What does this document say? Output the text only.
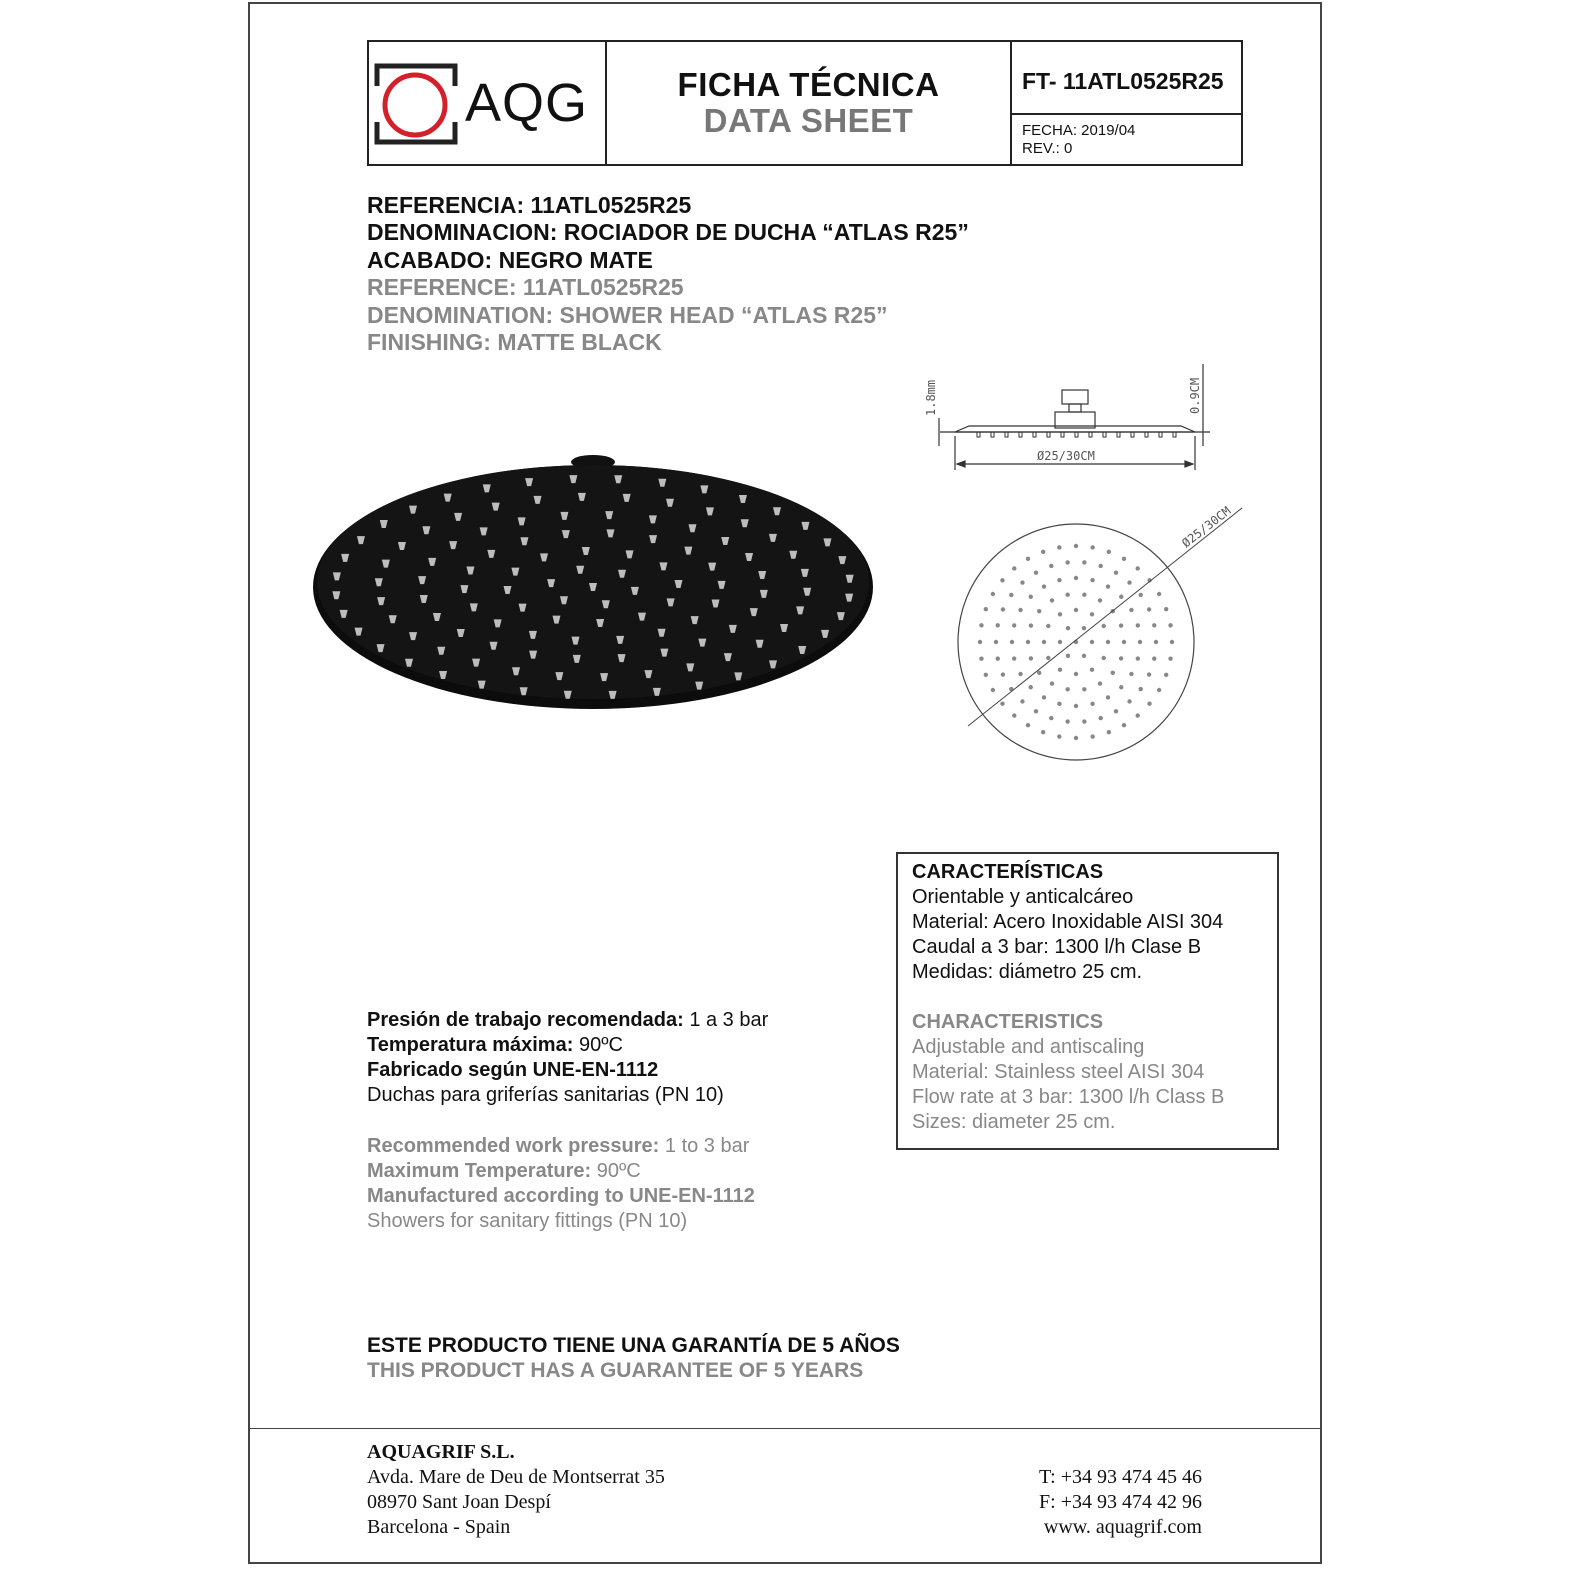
AQG	FICHA TÉCNICA
DATA SHEET
FT- 11ATL0525R25
FECHA: 2019/04
REV.: 0
REFERENCIA: 11ATL0525R25
DENOMINACION: ROCIADOR DE DUCHA “ATLAS R25”
ACABADO: NEGRO MATE
REFERENCE: 11ATL0525R25
DENOMINATION: SHOWER HEAD “ATLAS R25”
FINISHING: MATTE BLACK
1.8mm	0.9CM
Ø25/30CM
Ø25/30CM
CARACTERÍSTICAS
Orientable y anticalcáreo
Material: Acero Inoxidable AISI 304
Caudal a 3 bar: 1300 l/h Clase B
Medidas: diámetro 25 cm.
CHARACTERISTICS
Adjustable and antiscaling
Material: Stainless steel AISI 304
Flow rate at 3 bar: 1300 l/h Class B
Sizes: diameter 25 cm.
Presión de trabajo recomendada: 1 a 3 bar
Temperatura máxima: 90ºC
Fabricado según UNE-EN-1112
Duchas para griferías sanitarias (PN 10)
Recommended work pressure: 1 to 3 bar
Maximum Temperature: 90ºC
Manufactured according to UNE-EN-1112
Showers for sanitary fittings (PN 10)
ESTE PRODUCTO TIENE UNA GARANTÍA DE 5 AÑOS
THIS PRODUCT HAS A GUARANTEE OF 5 YEARS
AQUAGRIF S.L.
Avda. Mare de Deu de Montserrat 35
08970 Sant Joan Despí
Barcelona - Spain
T: +34 93 474 45 46
F: +34 93 474 42 96
www. aquagrif.com
